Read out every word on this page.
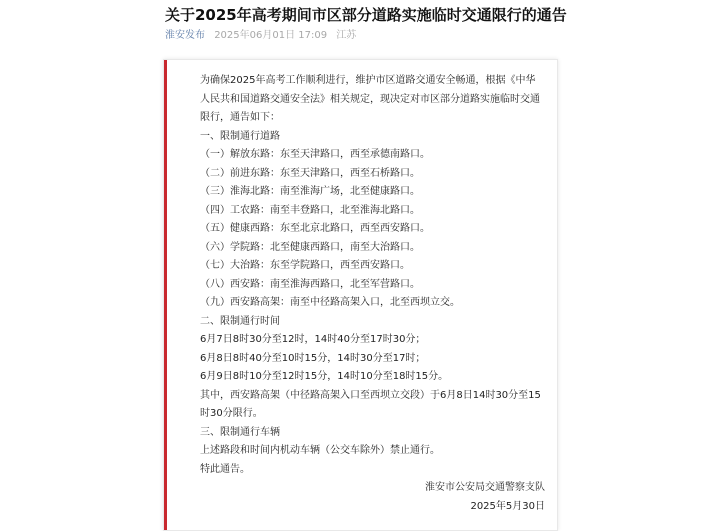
关于2025年高考期间市区部分道路实施临时交通限行的通告
淮安发布 2025年06月01日 17:09 江苏

为确保2025年高考工作顺利进行，维护市区道路交通安全畅通，根据《中华人民共和国道路交通安全法》相关规定，现决定对市区部分道路实施临时交通限行，通告如下：

一、限制通行道路

（一）解放东路：东至天津路口，西至承德南路口。

（二）前进东路：东至天津路口，西至石桥路口。

（三）淮海北路：南至淮海广场，北至健康路口。

（四）工农路：南至丰登路口，北至淮海北路口。

（五）健康西路：东至北京北路口，西至西安路口。

（六）学院路：北至健康西路口，南至大治路口。

（七）大治路：东至学院路口，西至西安路口。

（八）西安路：南至淮海西路口，北至军营路口。

（九）西安路高架：南至中径路高架入口，北至西坝立交。

二、限制通行时间

6月7日8时30分至12时，14时40分至17时30分；

6月8日8时40分至10时15分，14时30分至17时；

6月9日8时10分至12时15分，14时10分至18时15分。

其中，西安路高架（中径路高架入口至西坝立交段）于6月8日14时30分至15时30分限行。

三、限制通行车辆

上述路段和时间内机动车辆（公交车除外）禁止通行。

特此通告。

淮安市公安局交通警察支队

2025年5月30日
